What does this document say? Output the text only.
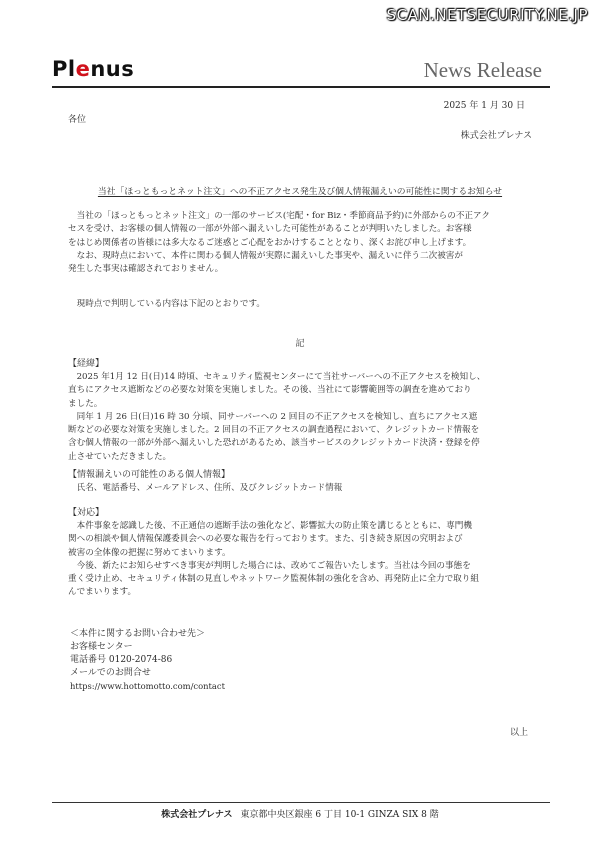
SCAN.NETSECURITY.NE.JP
Plenus	News Release
2025 年 1 月 30 日
各位
株式会社プレナス
当社「ほっともっとネット注文」への不正アクセス発生及び個人情報漏えいの可能性に関するお知らせ
　当社の「ほっともっとネット注文」の一部のサービス(宅配・for Biz・季節商品予約)に外部からの不正アク
セスを受け、お客様の個人情報の一部が外部へ漏えいした可能性があることが判明いたしました。お客様
をはじめ関係者の皆様には多大なるご迷惑とご心配をおかけすることとなり、深くお詫び申し上げます。
　なお、現時点において、本件に関わる個人情報が実際に漏えいした事実や、漏えいに伴う二次被害が
発生した事実は確認されておりません。
　現時点で判明している内容は下記のとおりです。
記
【経緯】
　2025 年1月 12 日(日)14 時頃、セキュリティ監視センターにて当社サーバーへの不正アクセスを検知し、
直ちにアクセス遮断などの必要な対策を実施しました。その後、当社にて影響範囲等の調査を進めており
ました。
　同年 1 月 26 日(日)16 時 30 分頃、同サーバーへの 2 回目の不正アクセスを検知し、直ちにアクセス遮
断などの必要な対策を実施しました。2 回目の不正アクセスの調査過程において、クレジットカード情報を
含む個人情報の一部が外部へ漏えいした恐れがあるため、該当サービスのクレジットカード決済・登録を停
止させていただきました。
【情報漏えいの可能性のある個人情報】
　氏名、電話番号、メールアドレス、住所、及びクレジットカード情報
【対応】
　本件事象を認識した後、不正通信の遮断手法の強化など、影響拡大の防止策を講じるとともに、専門機
関への相談や個人情報保護委員会への必要な報告を行っております。また、引き続き原因の究明および
被害の全体像の把握に努めてまいります。
　今後、新たにお知らせすべき事実が判明した場合には、改めてご報告いたします。当社は今回の事態を
重く受け止め、セキュリティ体制の見直しやネットワーク監視体制の強化を含め、再発防止に全力で取り組
んでまいります。
＜本件に関するお問い合わせ先＞
お客様センター
電話番号 0120-2074-86
メールでのお問合せ
https://www.hottomotto.com/contact
以上
株式会社プレナス 東京都中央区銀座 6 丁目 10-1 GINZA SIX 8 階
